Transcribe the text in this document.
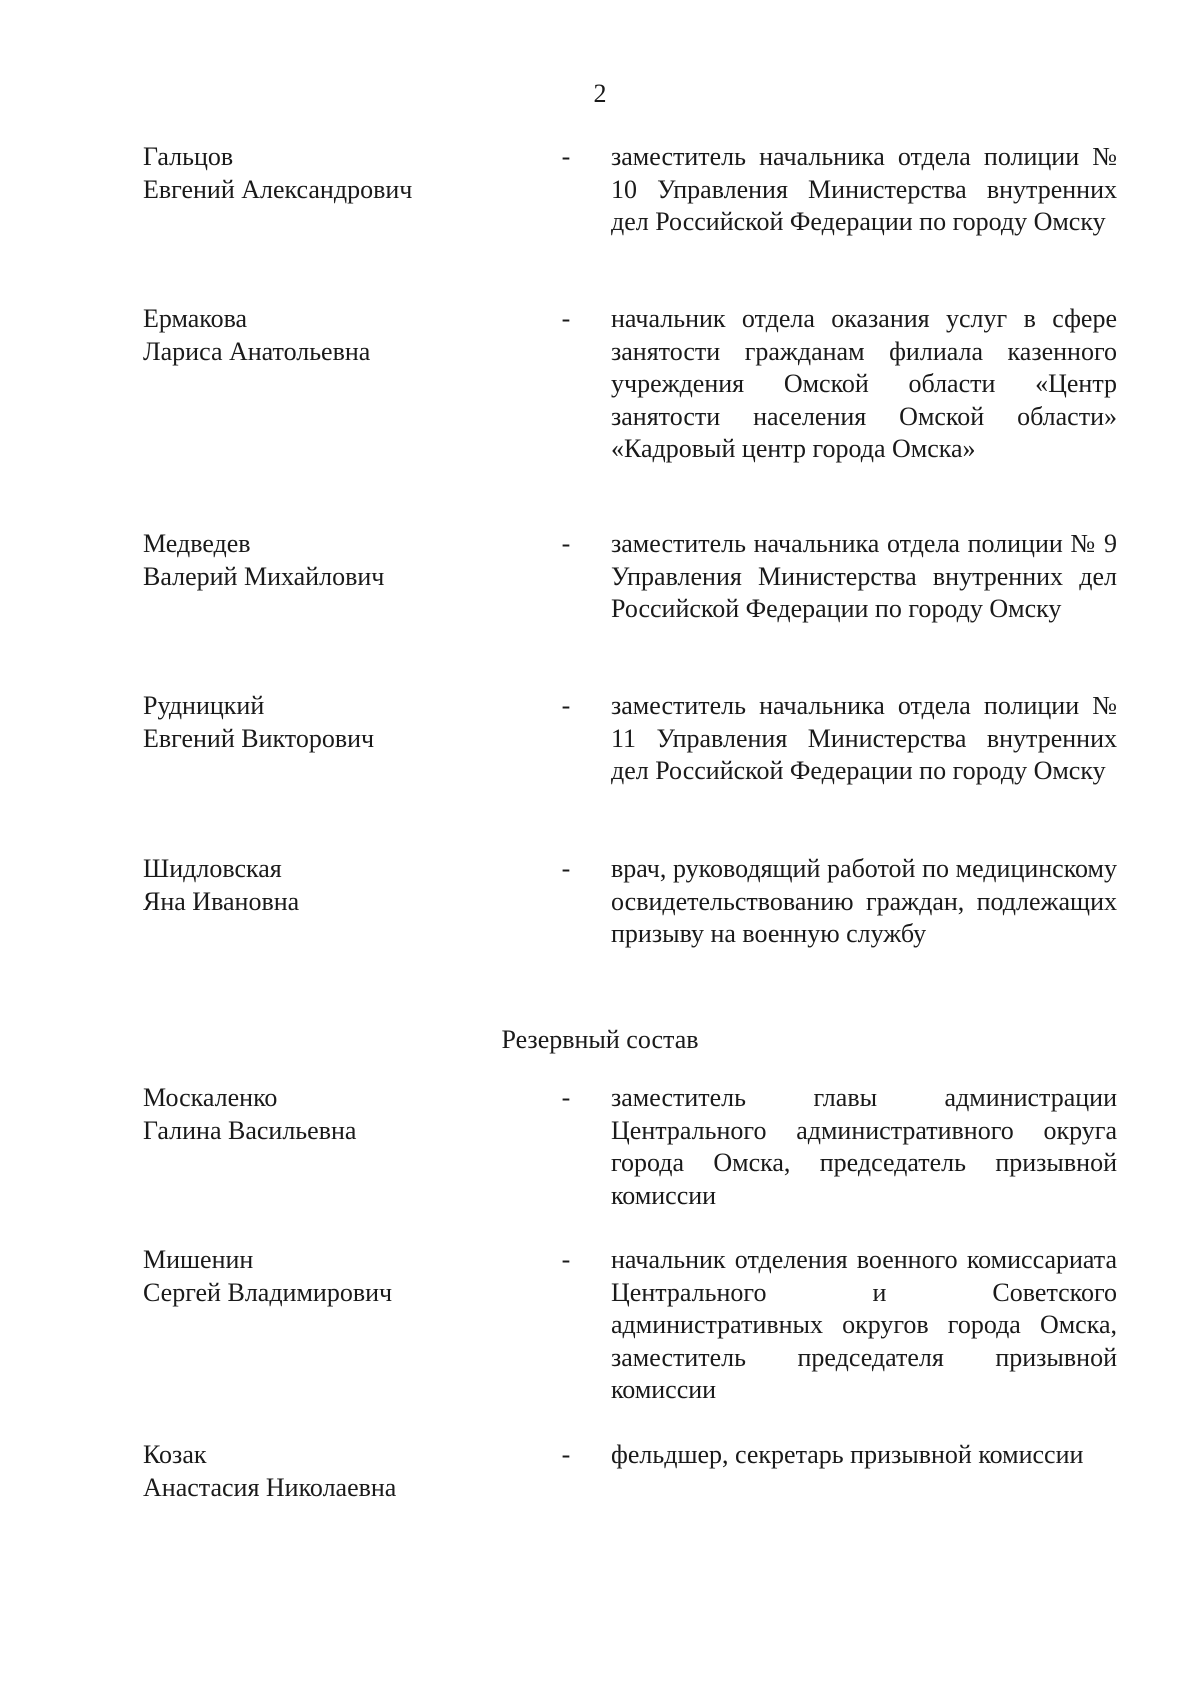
2
Гальцов
Евгений Александрович
- заместитель начальника отдела полиции № 10 Управления Министерства внутренних дел Российской Федерации по городу Омску
Ермакова
Лариса Анатольевна
- начальник отдела оказания услуг в сфере занятости гражданам филиала казенного учреждения Омской области «Центр занятости населения Омской области» «Кадровый центр города Омска»
Медведев
Валерий Михайлович
- заместитель начальника отдела полиции № 9 Управления Министерства внутренних дел Российской Федерации по городу Омску
Рудницкий
Евгений Викторович
- заместитель начальника отдела полиции № 11 Управления Министерства внутренних дел Российской Федерации по городу Омску
Шидловская
Яна Ивановна
- врач, руководящий работой по медицинскому освидетельствованию граждан, подлежащих призыву на военную службу
Резервный состав
Москаленко
Галина Васильевна
- заместитель главы администрации Центрального административного округа города Омска, председатель призывной комиссии
Мишенин
Сергей Владимирович
- начальник отделения военного комиссариата Центрального и Советского административных округов города Омска, заместитель председателя призывной комиссии
Козак
Анастасия Николаевна
- фельдшер, секретарь призывной комиссии
